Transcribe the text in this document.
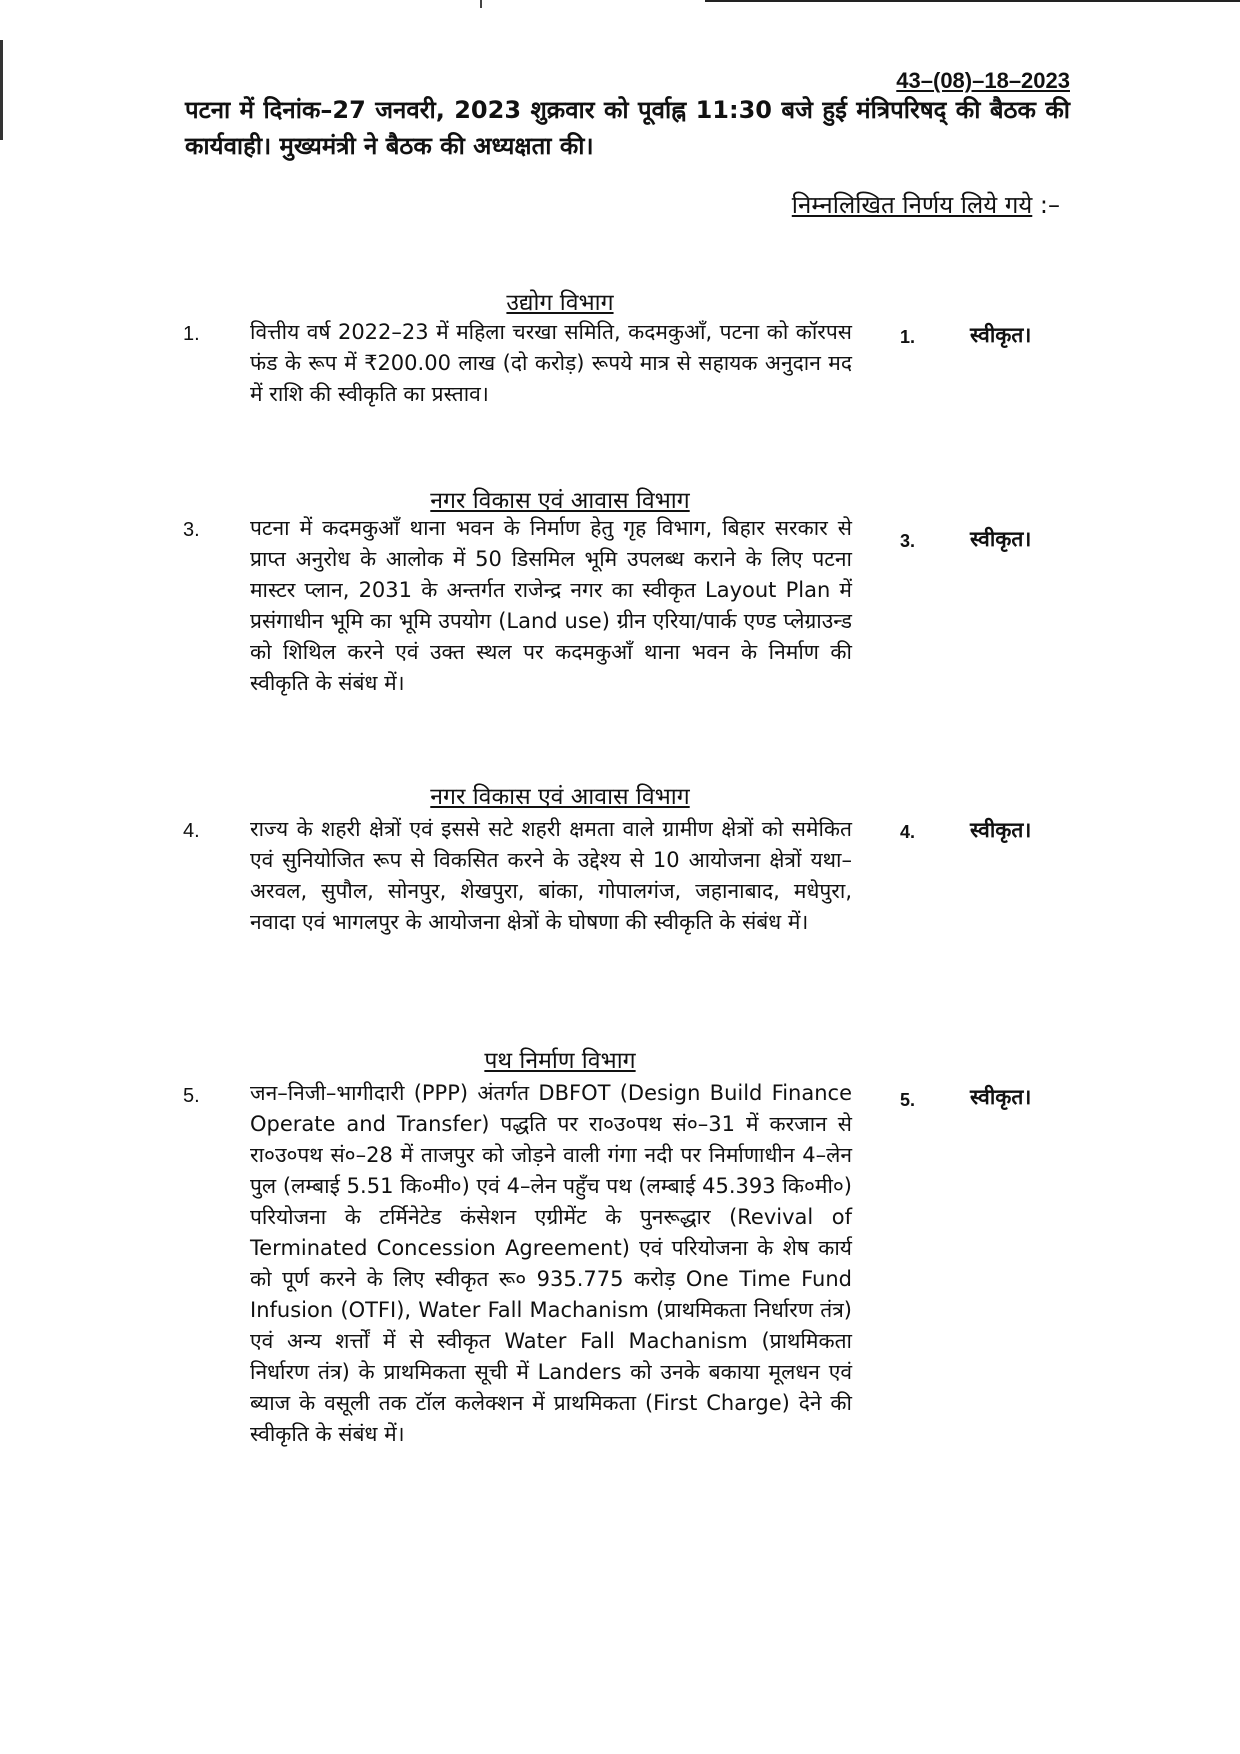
43–(08)–18–2023
पटना में दिनांक–27 जनवरी, 2023 शुक्रवार को पूर्वाह्न 11:30 बजे हुई मंत्रिपरिषद् की बैठक की कार्यवाही। मुख्यमंत्री ने बैठक की अध्यक्षता की।
निम्नलिखित निर्णय लिये गये :–
उद्योग विभाग
1. वित्तीय वर्ष 2022–23 में महिला चरखा समिति, कदमकुआँ, पटना को कॉरपस फंड के रूप में ₹200.00 लाख (दो करोड़) रूपये मात्र से सहायक अनुदान मद में राशि की स्वीकृति का प्रस्ताव।
1.	स्वीकृत।
नगर विकास एवं आवास विभाग
3. पटना में कदमकुआँ थाना भवन के निर्माण हेतु गृह विभाग, बिहार सरकार से प्राप्त अनुरोध के आलोक में 50 डिसमिल भूमि उपलब्ध कराने के लिए पटना मास्टर प्लान, 2031 के अन्तर्गत राजेन्द्र नगर का स्वीकृत Layout Plan में प्रसंगाधीन भूमि का भूमि उपयोग (Land use) ग्रीन एरिया/पार्क एण्ड प्लेग्राउन्ड को शिथिल करने एवं उक्त स्थल पर कदमकुआँ थाना भवन के निर्माण की स्वीकृति के संबंध में।
3.	स्वीकृत।
नगर विकास एवं आवास विभाग
4. राज्य के शहरी क्षेत्रों एवं इससे सटे शहरी क्षमता वाले ग्रामीण क्षेत्रों को समेकित एवं सुनियोजित रूप से विकसित करने के उद्देश्य से 10 आयोजना क्षेत्रों यथा–अरवल, सुपौल, सोनपुर, शेखपुरा, बांका, गोपालगंज, जहानाबाद, मधेपुरा, नवादा एवं भागलपुर के आयोजना क्षेत्रों के घोषणा की स्वीकृति के संबंध में।
4.	स्वीकृत।
पथ निर्माण विभाग
5. जन–निजी–भागीदारी (PPP) अंतर्गत DBFOT (Design Build Finance Operate and Transfer) पद्धति पर रा०उ०पथ सं०–31 में करजान से रा०उ०पथ सं०–28 में ताजपुर को जोड़ने वाली गंगा नदी पर निर्माणाधीन 4–लेन पुल (लम्बाई 5.51 कि०मी०) एवं 4–लेन पहुँच पथ (लम्बाई 45.393 कि०मी०) परियोजना के टर्मिनेटेड कंसेशन एग्रीमेंट के पुनरूद्धार (Revival of Terminated Concession Agreement) एवं परियोजना के शेष कार्य को पूर्ण करने के लिए स्वीकृत रू० 935.775 करोड़ One Time Fund Infusion (OTFI), Water Fall Machanism (प्राथमिकता निर्धारण तंत्र) एवं अन्य शर्त्तों में से स्वीकृत Water Fall Machanism (प्राथमिकता निर्धारण तंत्र) के प्राथमिकता सूची में Landers को उनके बकाया मूलधन एवं ब्याज के वसूली तक टॉल कलेक्शन में प्राथमिकता (First Charge) देने की स्वीकृति के संबंध में।
5.	स्वीकृत।
